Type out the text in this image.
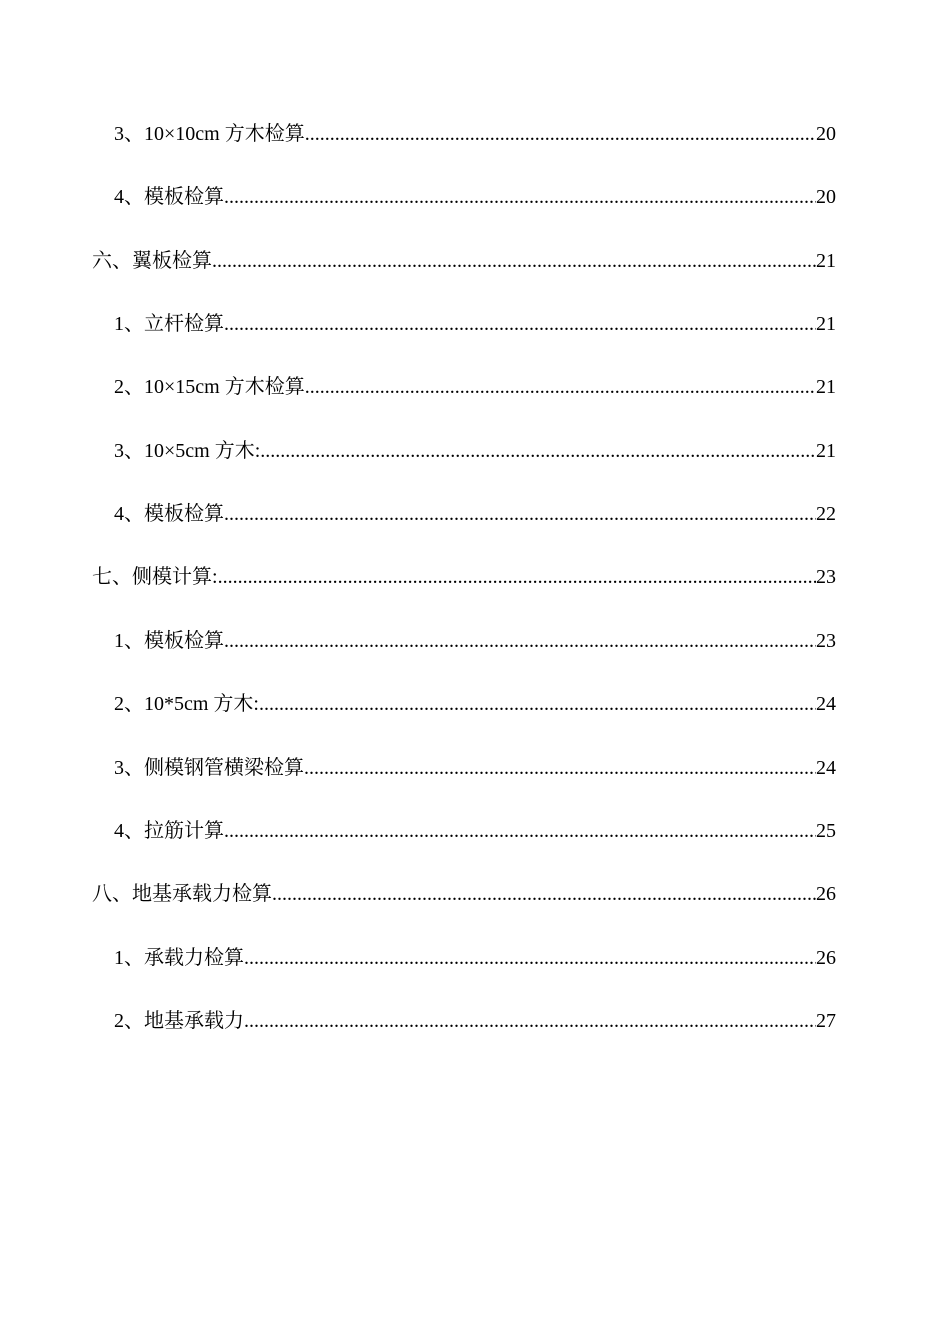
3、10×10cm 方木检算 .....	20
4、模板检算 .....	20
六、翼板检算 .....	21
1、立杆检算 .....	21
2、10×15cm 方木检算 .....	21
3、10×5cm 方木: .....	21
4、模板检算 .....	22
七、侧模计算: .....	23
1、模板检算 .....	23
2、10*5cm 方木: .....	24
3、侧模钢管横梁检算 .....	24
4、拉筋计算 .....	25
八、地基承载力检算 .....	26
1、承载力检算 .....	26
2、地基承载力 .....	27
